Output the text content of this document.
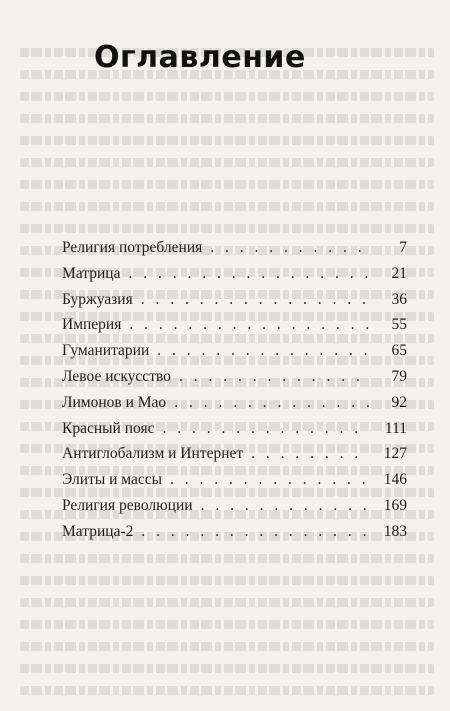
Оглавление
Религия потребления . . .	7
Матрица . . .	21
Буржуазия . . .	36
Империя . . .	55
Гуманитарии . . .	65
Левое искусство . . .	79
Лимонов и Мао . . .	92
Красный пояс . . .	111
Антиглобализм и Интернет . . .	127
Элиты и массы . . .	146
Религия революции . . .	169
Матрица-2 . . .	183
